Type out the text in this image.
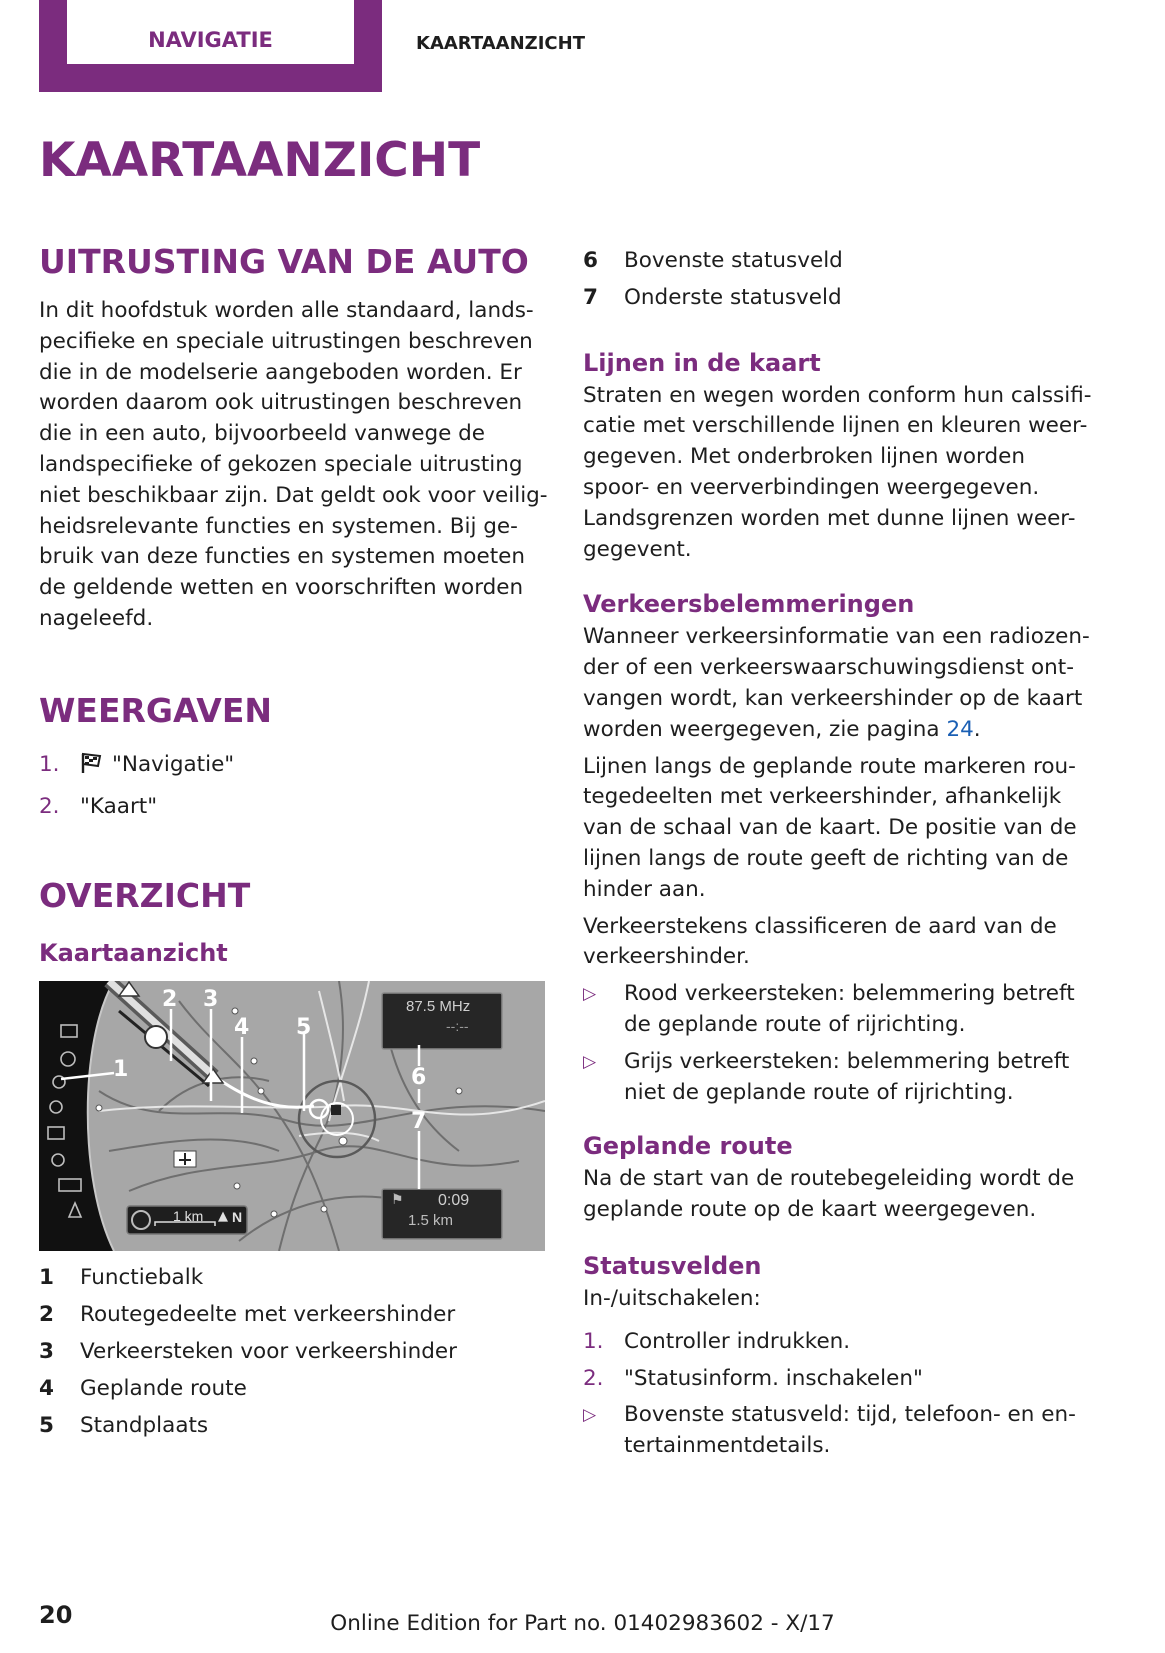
NAVIGATIE	KAARTAANZICHT
KAARTAANZICHT
UITRUSTING VAN DE AUTO

In dit hoofdstuk worden alle standaard, lands-

pecifieke en speciale uitrustingen beschreven

die in de modelserie aangeboden worden. Er

worden daarom ook uitrustingen beschreven

die in een auto, bijvoorbeeld vanwege de

landspecifieke of gekozen speciale uitrusting

niet beschikbaar zijn. Dat geldt ook voor veilig-

heidsrelevante functies en systemen. Bij ge-

bruik van deze functies en systemen moeten

de geldende wetten en voorschriften worden

nageleefd.

WEERGAVEN
1. "Navigatie"
2. "Kaart"
OVERZICHT
Kaartaanzicht
87.5 MHz
--:--
⚑ 0:09
1.5 km
1 km ▲ N
1
2 3
4 5
6
7
1 Functiebalk
2 Routegedeelte met verkeershinder
3 Verkeersteken voor verkeershinder
4 Geplande route
5 Standplaats
6 Bovenste statusveld
7 Onderste statusveld
Lijnen in de kaart

Straten en wegen worden conform hun calssifi-

catie met verschillende lijnen en kleuren weer-

gegeven. Met onderbroken lijnen worden

spoor- en veerverbindingen weergegeven.

Landsgrenzen worden met dunne lijnen weer-

gegevent.

Verkeersbelemmeringen

Wanneer verkeersinformatie van een radiozen-

der of een verkeerswaarschuwingsdienst ont-

vangen wordt, kan verkeershinder op de kaart

worden weergegeven, zie pagina 24.

Lijnen langs de geplande route markeren rou-

tegedeelten met verkeershinder, afhankelijk

van de schaal van de kaart. De positie van de

lijnen langs de route geeft de richting van de

hinder aan.

Verkeerstekens classificeren de aard van de

verkeershinder.

▷ Rood verkeersteken: belemmering betreft
de geplande route of rijrichting.
▷ Grijs verkeersteken: belemmering betreft
niet de geplande route of rijrichting.
Geplande route

Na de start van de routebegeleiding wordt de

geplande route op de kaart weergegeven.

Statusvelden

In-/uitschakelen:

1. Controller indrukken.
2. "Statusinform. inschakelen"
▷ Bovenste statusveld: tijd, telefoon- en en-
tertainmentdetails.
20	Online Edition for Part no. 01402983602 - X/17
